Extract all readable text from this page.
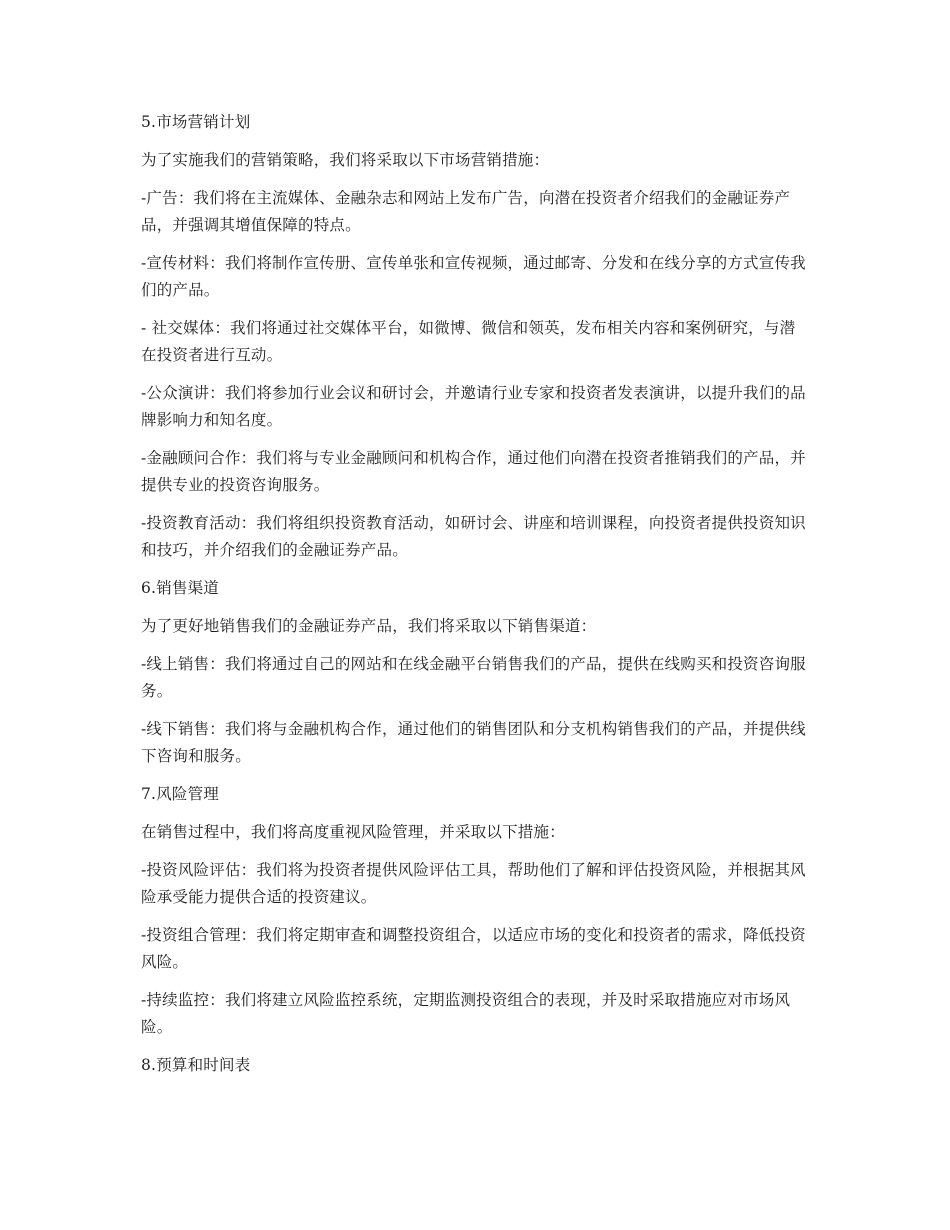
5.市场营销计划

为了实施我们的营销策略，我们将采取以下市场营销措施：

-广告：我们将在主流媒体、金融杂志和网站上发布广告，向潜在投资者介绍我们的金融证券产品，并强调其增值保障的特点。

-宣传材料：我们将制作宣传册、宣传单张和宣传视频，通过邮寄、分发和在线分享的方式宣传我们的产品。

- 社交媒体：我们将通过社交媒体平台，如微博、微信和领英，发布相关内容和案例研究，与潜在投资者进行互动。

-公众演讲：我们将参加行业会议和研讨会，并邀请行业专家和投资者发表演讲，以提升我们的品牌影响力和知名度。

-金融顾问合作：我们将与专业金融顾问和机构合作，通过他们向潜在投资者推销我们的产品，并提供专业的投资咨询服务。

-投资教育活动：我们将组织投资教育活动，如研讨会、讲座和培训课程，向投资者提供投资知识和技巧，并介绍我们的金融证券产品。

6.销售渠道

为了更好地销售我们的金融证券产品，我们将采取以下销售渠道：

-线上销售：我们将通过自己的网站和在线金融平台销售我们的产品，提供在线购买和投资咨询服务。

-线下销售：我们将与金融机构合作，通过他们的销售团队和分支机构销售我们的产品，并提供线下咨询和服务。

7.风险管理

在销售过程中，我们将高度重视风险管理，并采取以下措施：

-投资风险评估：我们将为投资者提供风险评估工具，帮助他们了解和评估投资风险，并根据其风险承受能力提供合适的投资建议。

-投资组合管理：我们将定期审查和调整投资组合，以适应市场的变化和投资者的需求，降低投资风险。

-持续监控：我们将建立风险监控系统，定期监测投资组合的表现，并及时采取措施应对市场风险。

8.预算和时间表
